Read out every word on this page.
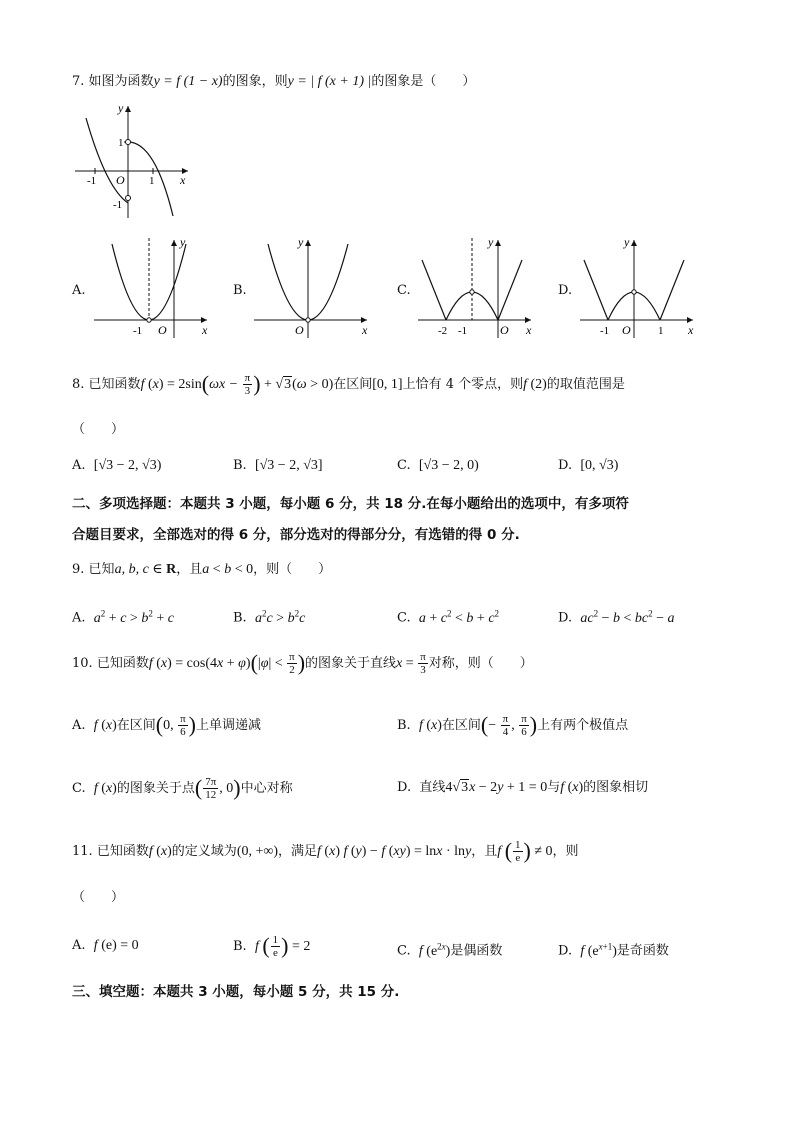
7. 如图为函数y = f (1 − x)的图象，则y = | f (x + 1) |的图象是（　　）
y
x
O
1
-1
1
-1
A.
y
x
-1 O
B.
y
x
O
C.
y
x
-2 -1	O
D.
y
x
-1 O 1
8. 已知函数f $(x) = 2\sin(\omega x - \frac{\pi}{3}$ ) + √3(ω > 0)在区间[0, 1]上恰有 4 个零点，则f (2)的取值范围是
（　　）
A. [√3 − 2, √3)	B. [√3 − 2, √3]	C. [√3 − 2, 0)	D. [0, √3)
二、多项选择题：本题共 3 小题，每小题 6 分，共 18 分.在每小题给出的选项中，有多项符
合题目要求，全部选对的得 6 分，部分选对的得部分分，有选错的得 0 分.
9. 已知a, b, c ∈ R，且a < b < 0，则（　　）
A. $a^2 + c > b^2 + c$	B. $a^2c > b^2c$	C. $a + c^2 < b + c^2$	D. $ac^2 - b < bc^2 - a$
10. 已知函数f $(x) = \cos(4x + \varphi)(|\varphi| < \frac{\pi}{2}$ )的图象关于直线$x = \frac{\pi}{3}$ 对称，则（　　）
A. f (x)在区间(0, $\frac{\pi}{6}$ )上单调递减	B. f (x)在区间(− $\frac{\pi}{4}$ , $\frac{\pi}{6}$ )上有两个极值点
C. f (x)的图象关于点( $\frac{7\pi}{12}$ , 0)中心对称	D. 直线4√3x − 2y + 1 = 0与f (x)的图象相切
11. 已知函数f (x)的定义域为(0, +∞)，满足f (x) f (y) − f (xy) = lnx · lny，且f ( $\frac{1}{e}$ ) ≠ 0，则
（　　）
A. f (e) = 0	B. f ( $\frac{1}{e}$ ) = 2	C. f $(e^{2x})$是偶函数	D. f $(e^{x+1})$是奇函数
三、填空题：本题共 3 小题，每小题 5 分，共 15 分.
